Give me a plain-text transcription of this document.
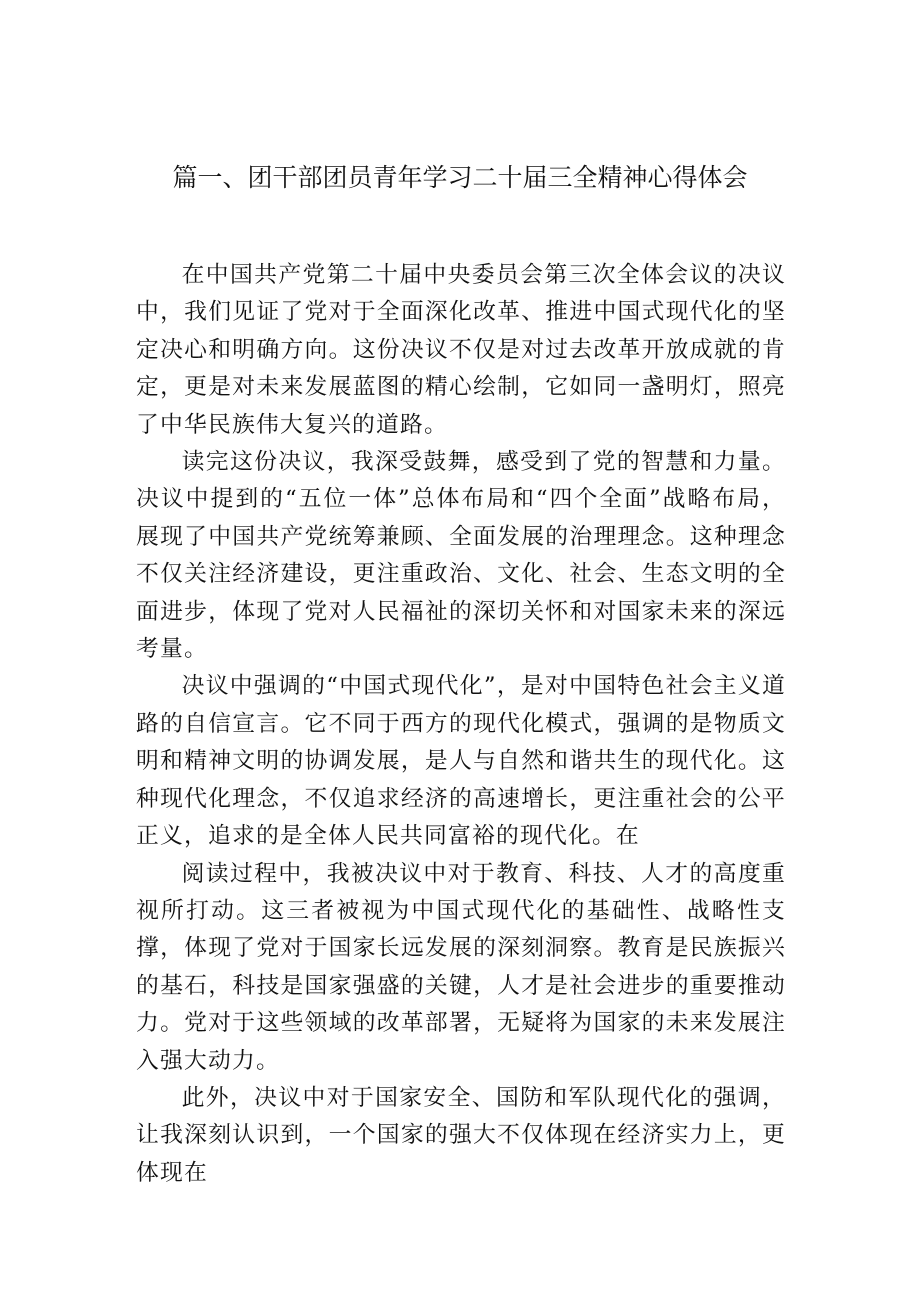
篇一、团干部团员青年学习二十届三全精神心得体会

在中国共产党第二十届中央委员会第三次全体会议的决议中，我们见证了党对于全面深化改革、推进中国式现代化的坚定决心和明确方向。这份决议不仅是对过去改革开放成就的肯定，更是对未来发展蓝图的精心绘制，它如同一盏明灯，照亮了中华民族伟大复兴的道路。

读完这份决议，我深受鼓舞，感受到了党的智慧和力量。决议中提到的“五位一体”总体布局和“四个全面”战略布局，展现了中国共产党统筹兼顾、全面发展的治理理念。这种理念不仅关注经济建设，更注重政治、文化、社会、生态文明的全面进步，体现了党对人民福祉的深切关怀和对国家未来的深远考量。

决议中强调的“中国式现代化”，是对中国特色社会主义道路的自信宣言。它不同于西方的现代化模式，强调的是物质文明和精神文明的协调发展，是人与自然和谐共生的现代化。这种现代化理念，不仅追求经济的高速增长，更注重社会的公平正义，追求的是全体人民共同富裕的现代化。在

阅读过程中，我被决议中对于教育、科技、人才的高度重视所打动。这三者被视为中国式现代化的基础性、战略性支撑，体现了党对于国家长远发展的深刻洞察。教育是民族振兴的基石，科技是国家强盛的关键，人才是社会进步的重要推动力。党对于这些领域的改革部署，无疑将为国家的未来发展注入强大动力。

此外，决议中对于国家安全、国防和军队现代化的强调，让我深刻认识到，一个国家的强大不仅体现在经济实力上，更体现在
